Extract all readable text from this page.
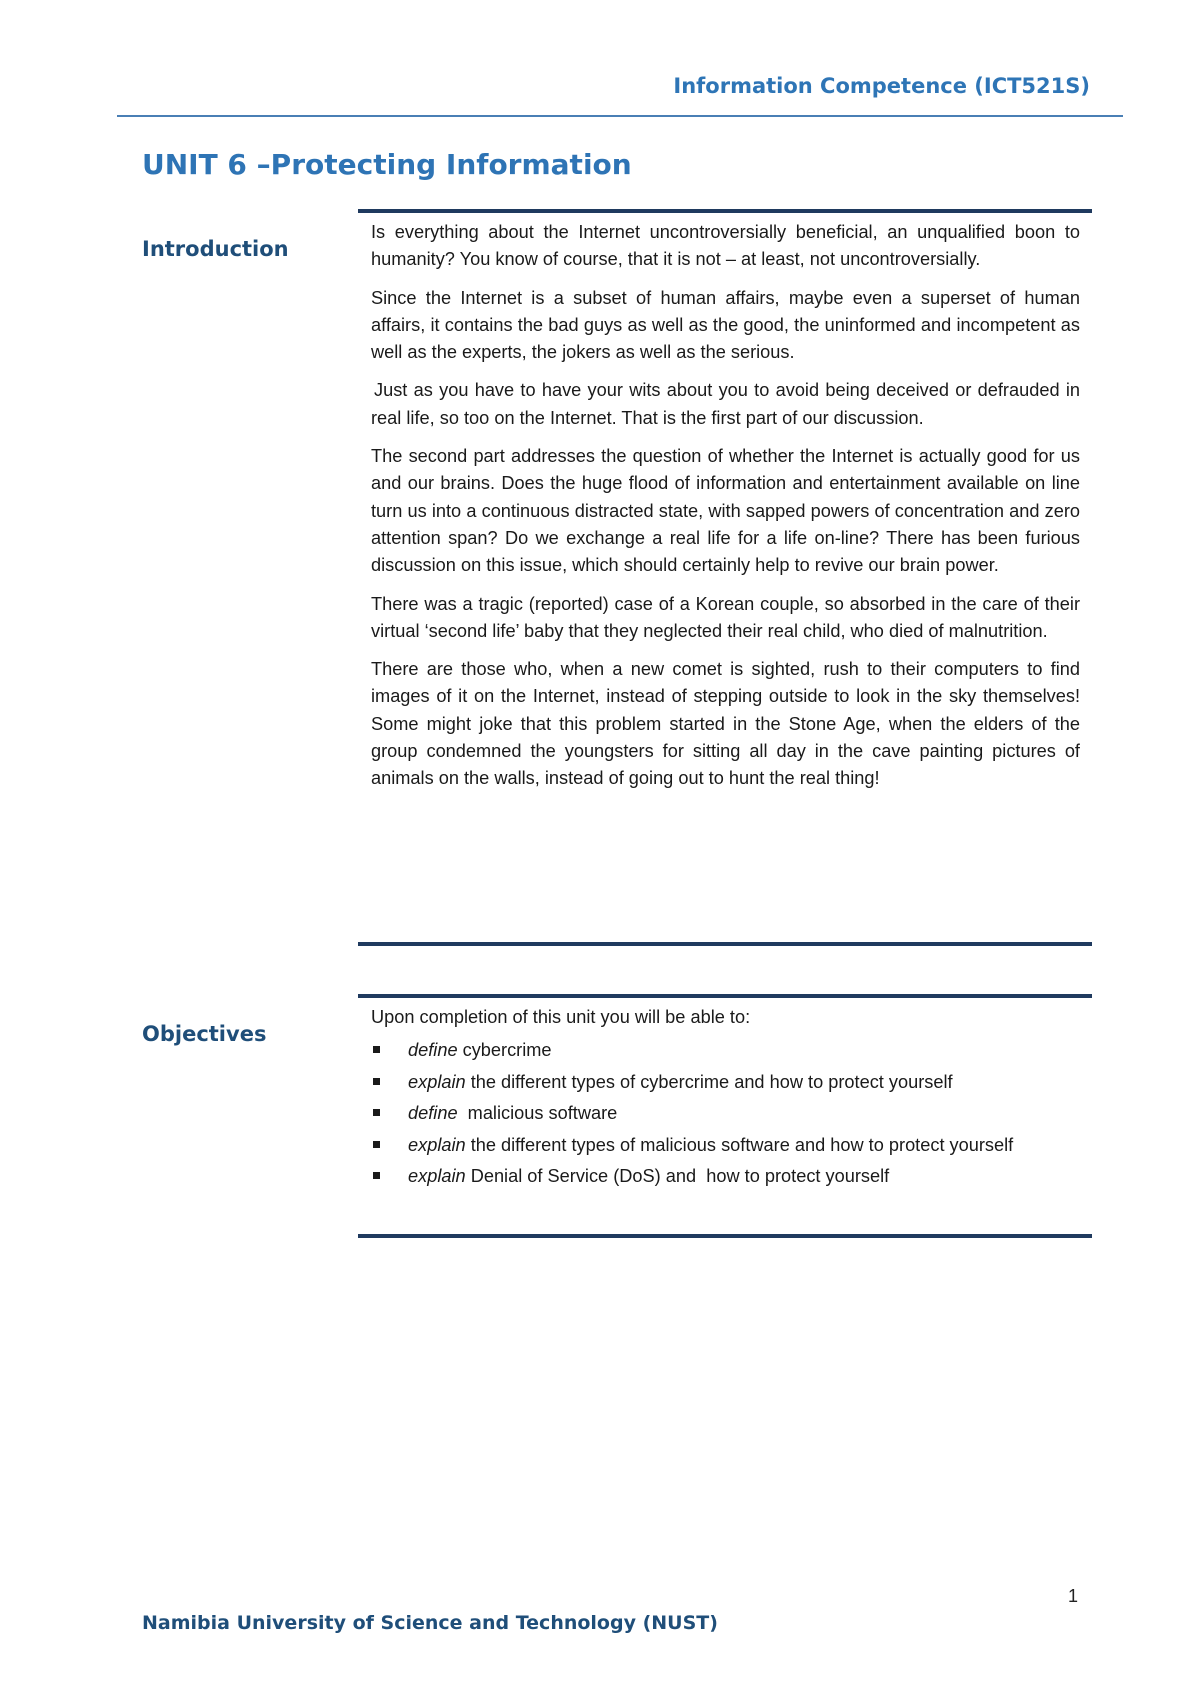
Information Competence (ICT521S)
UNIT 6 –Protecting Information
Introduction

Is everything about the Internet uncontroversially beneficial, an unqualified boon to humanity? You know of course, that it is not – at least, not uncontroversially.

Since the Internet is a subset of human affairs, maybe even a superset of human affairs, it contains the bad guys as well as the good, the uninformed and incompetent as well as the experts, the jokers as well as the serious.

Just as you have to have your wits about you to avoid being deceived or defrauded in real life, so too on the Internet. That is the first part of our discussion.

The second part addresses the question of whether the Internet is actually good for us and our brains. Does the huge flood of information and entertainment available on line turn us into a continuous distracted state, with sapped powers of concentration and zero attention span? Do we exchange a real life for a life on-line? There has been furious discussion on this issue, which should certainly help to revive our brain power.

There was a tragic (reported) case of a Korean couple, so absorbed in the care of their virtual ‘second life’ baby that they neglected their real child, who died of malnutrition.

There are those who, when a new comet is sighted, rush to their computers to find images of it on the Internet, instead of stepping outside to look in the sky themselves! Some might joke that this problem started in the Stone Age, when the elders of the group condemned the youngsters for sitting all day in the cave painting pictures of animals on the walls, instead of going out to hunt the real thing!

Objectives

Upon completion of this unit you will be able to:

define cybercrime
explain the different types of cybercrime and how to protect yourself
define  malicious software
explain the different types of malicious software and how to protect yourself
explain Denial of Service (DoS) and  how to protect yourself
1
Namibia University of Science and Technology (NUST)
